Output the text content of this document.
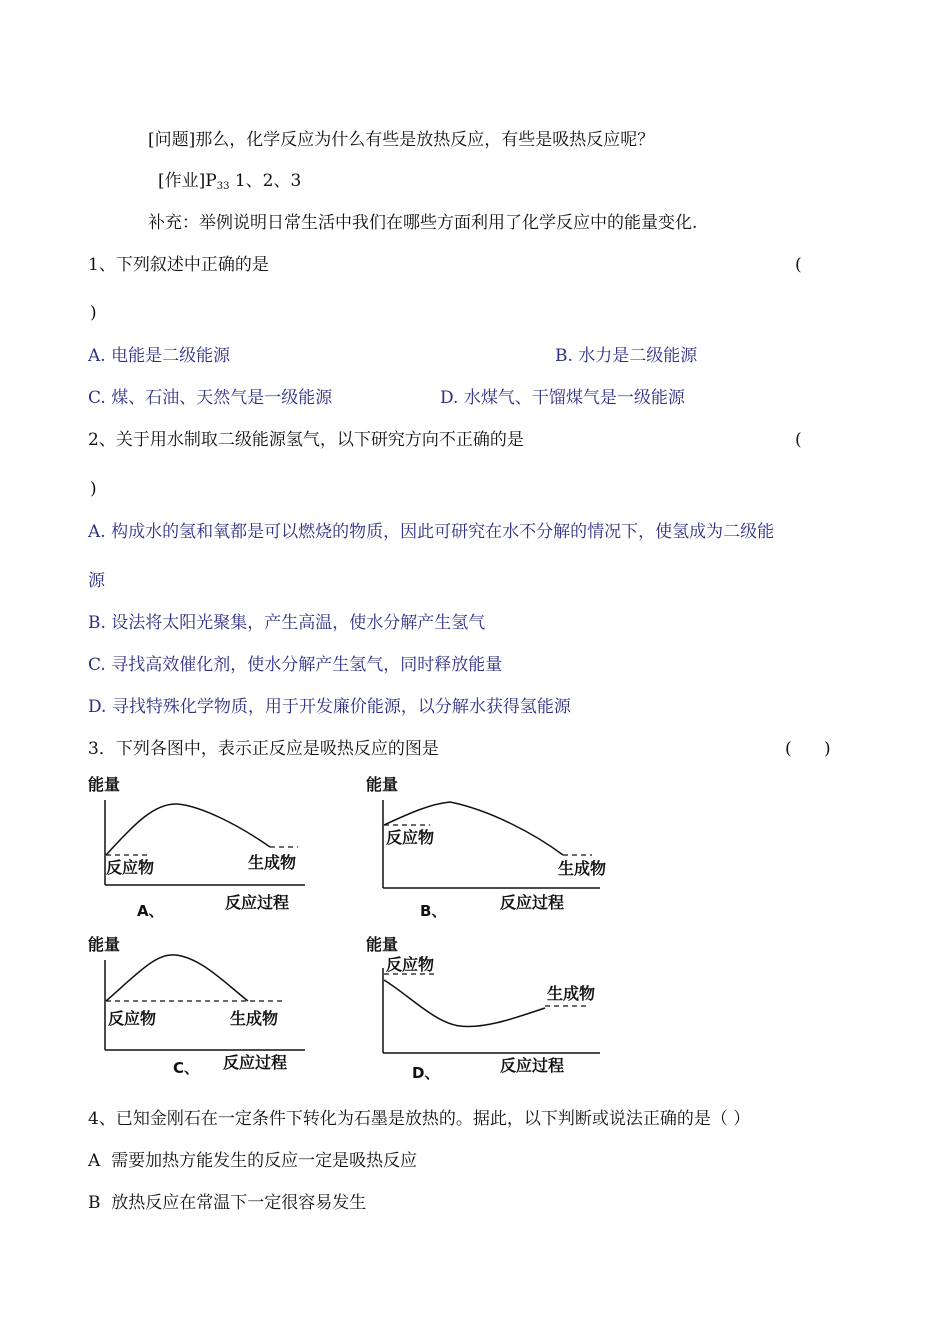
[问题]那么，化学反应为什么有些是放热反应，有些是吸热反应呢？
[作业]$P_{33}$ 1、2、3
补充：举例说明日常生活中我们在哪些方面利用了化学反应中的能量变化.
1、下列叙述中正确的是	(
)
A. 电能是二级能源	B. 水力是二级能源
C. 煤、石油、天然气是一级能源	D. 水煤气、干馏煤气是一级能源
2、关于用水制取二级能源氢气，以下研究方向不正确的是	(
)
A. 构成水的氢和氧都是可以燃烧的物质，因此可研究在水不分解的情况下，使氢成为二级能
源
B. 设法将太阳光聚集，产生高温，使水分解产生氢气
C. 寻找高效催化剂，使水分解产生氢气，同时释放能量
D. 寻找特殊化学物质，用于开发廉价能源，以分解水获得氢能源
3．下列各图中，表示正反应是吸热反应的图是	(      )
能量
反应物	生成物
A、	反应过程
能量
反应物
生成物
B、	反应过程
能量
反应物	生成物
C、 反应过程
能量
反应物
生成物
D、	反应过程
4、已知金刚石在一定条件下转化为石墨是放热的。据此，以下判断或说法正确的是（ ）
A  需要加热方能发生的反应一定是吸热反应
B  放热反应在常温下一定很容易发生
